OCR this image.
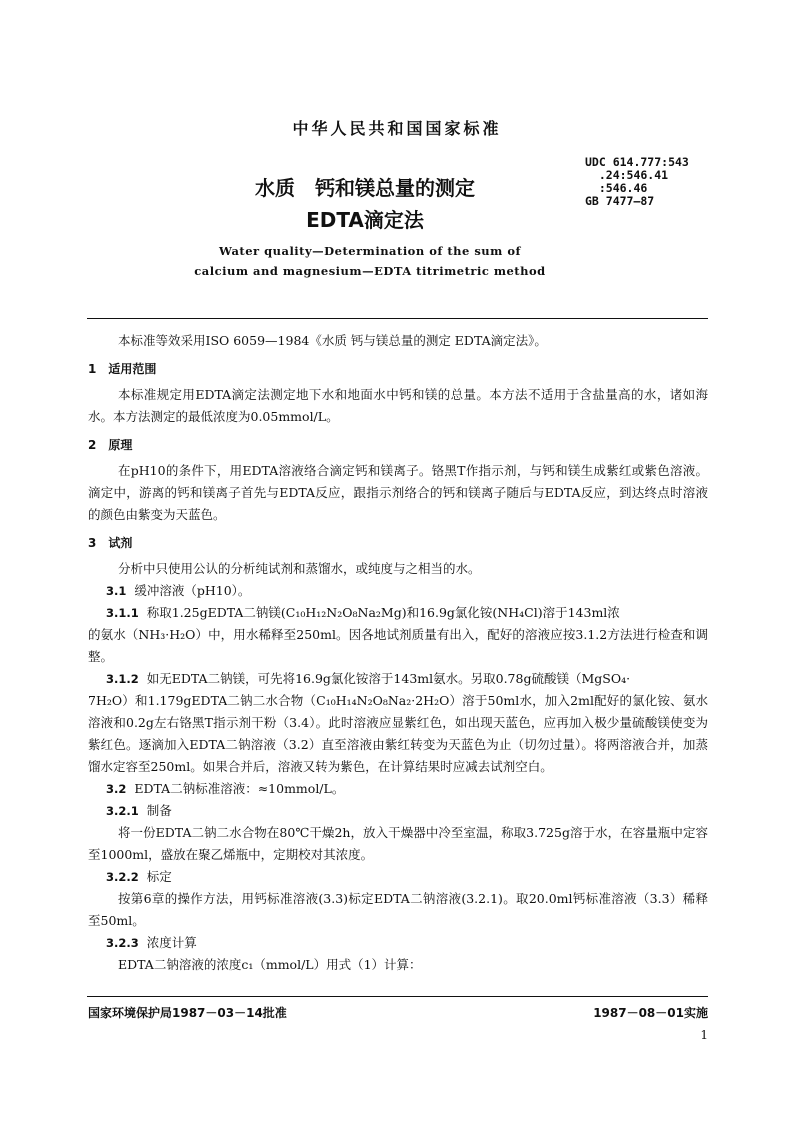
中华人民共和国国家标准
UDC 614.777:543
.24:546.41
:546.46
GB 7477—87
水质　钙和镁总量的测定
EDTA滴定法
Water quality—Determination of the sum of
calcium and magnesium—EDTA titrimetric method

本标准等效采用ISO 6059—1984《水质 钙与镁总量的测定 EDTA滴定法》。

1　适用范围

本标准规定用EDTA滴定法测定地下水和地面水中钙和镁的总量。本方法不适用于含盐量高的水，诸如海水。本方法测定的最低浓度为0.05mmol/L。

2　原理

在pH10的条件下，用EDTA溶液络合滴定钙和镁离子。铬黑T作指示剂，与钙和镁生成紫红或紫色溶液。滴定中，游离的钙和镁离子首先与EDTA反应，跟指示剂络合的钙和镁离子随后与EDTA反应，到达终点时溶液的颜色由紫变为天蓝色。

3　试剂

分析中只使用公认的分析纯试剂和蒸馏水，或纯度与之相当的水。

3.1 缓冲溶液（pH10）。

3.1.1 称取1.25gEDTA二钠镁(C₁₀H₁₂N₂O₈Na₂Mg)和16.9g氯化铵(NH₄Cl)溶于143ml浓

的氨水（NH₃·H₂O）中，用水稀释至250ml。因各地试剂质量有出入，配好的溶液应按3.1.2方法进行检查和调整。

3.1.2 如无EDTA二钠镁，可先将16.9g氯化铵溶于143ml氨水。另取0.78g硫酸镁（MgSO₄·

7H₂O）和1.179gEDTA二钠二水合物（C₁₀H₁₄N₂O₈Na₂·2H₂O）溶于50ml水，加入2ml配好的氯化铵、氨水溶液和0.2g左右铬黑T指示剂干粉（3.4）。此时溶液应显紫红色，如出现天蓝色，应再加入极少量硫酸镁使变为紫红色。逐滴加入EDTA二钠溶液（3.2）直至溶液由紫红转变为天蓝色为止（切勿过量）。将两溶液合并，加蒸馏水定容至250ml。如果合并后，溶液又转为紫色，在计算结果时应减去试剂空白。

3.2 EDTA二钠标准溶液：≈10mmol/L。

3.2.1 制备

将一份EDTA二钠二水合物在80℃干燥2h，放入干燥器中冷至室温，称取3.725g溶于水，在容量瓶中定容至1000ml，盛放在聚乙烯瓶中，定期校对其浓度。

3.2.2 标定

按第6章的操作方法，用钙标准溶液(3.3)标定EDTA二钠溶液(3.2.1)。取20.0ml钙标准溶液（3.3）稀释至50ml。

3.2.3 浓度计算

EDTA二钠溶液的浓度c₁（mmol/L）用式（1）计算：

国家环境保护局1987－03－14批准	1987－08－01实施
1
